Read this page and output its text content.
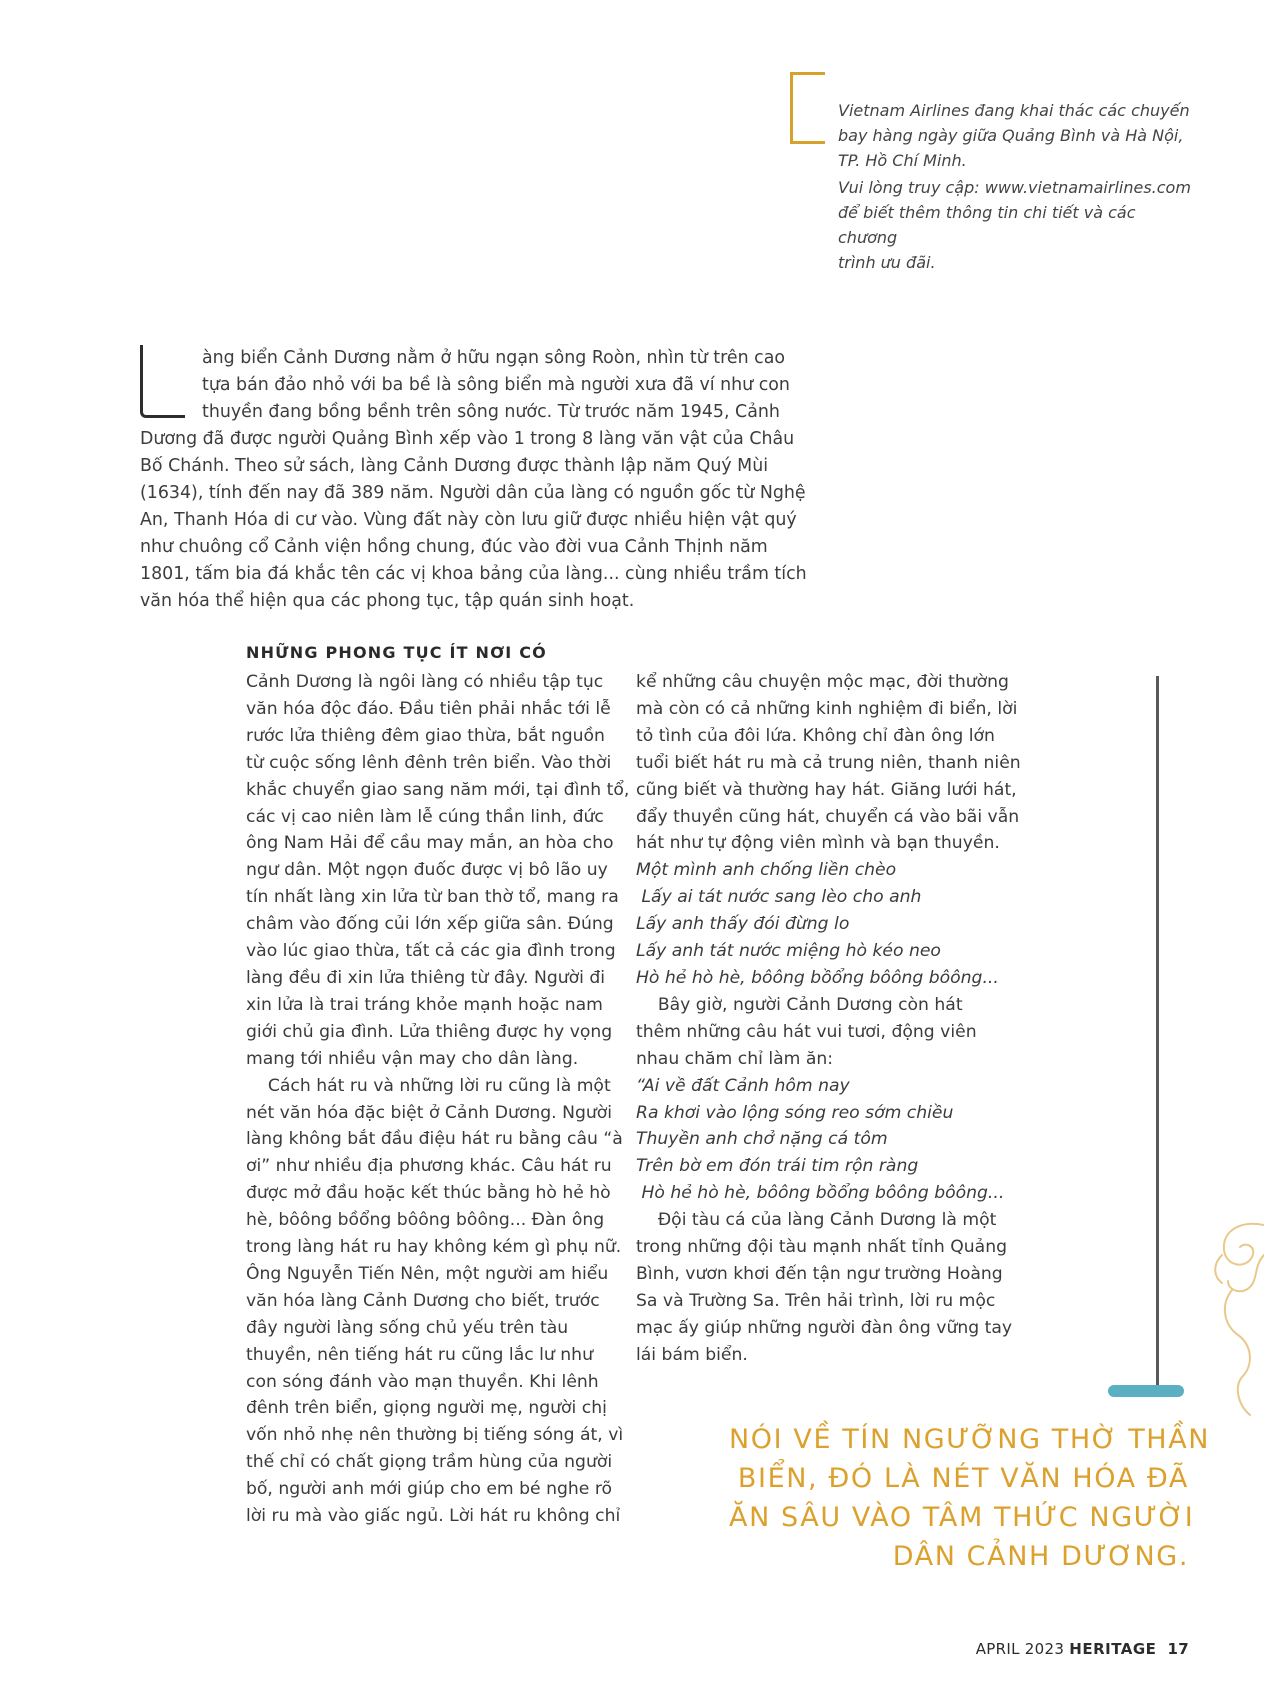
Vietnam Airlines đang khai thác các chuyến
bay hàng ngày giữa Quảng Bình và Hà Nội,
TP. Hồ Chí Minh.

Vui lòng truy cập: www.vietnamairlines.com
để biết thêm thông tin chi tiết và các chương
trình ưu đãi.

àng biển Cảnh Dương nằm ở hữu ngạn sông Roòn, nhìn từ trên cao
tựa bán đảo nhỏ với ba bề là sông biển mà người xưa đã ví như con
thuyền đang bồng bềnh trên sông nước. Từ trước năm 1945, Cảnh
Dương đã được người Quảng Bình xếp vào 1 trong 8 làng văn vật của Châu
Bố Chánh. Theo sử sách, làng Cảnh Dương được thành lập năm Quý Mùi
(1634), tính đến nay đã 389 năm. Người dân của làng có nguồn gốc từ Nghệ
An, Thanh Hóa di cư vào. Vùng đất này còn lưu giữ được nhiều hiện vật quý
như chuông cổ Cảnh viện hồng chung, đúc vào đời vua Cảnh Thịnh năm
1801, tấm bia đá khắc tên các vị khoa bảng của làng... cùng nhiều trầm tích
văn hóa thể hiện qua các phong tục, tập quán sinh hoạt.
NHỮNG PHONG TỤC ÍT NƠI CÓ
Cảnh Dương là ngôi làng có nhiều tập tục
văn hóa độc đáo. Đầu tiên phải nhắc tới lễ
rước lửa thiêng đêm giao thừa, bắt nguồn
từ cuộc sống lênh đênh trên biển. Vào thời
khắc chuyển giao sang năm mới, tại đình tổ,
các vị cao niên làm lễ cúng thần linh, đức
ông Nam Hải để cầu may mắn, an hòa cho
ngư dân. Một ngọn đuốc được vị bô lão uy
tín nhất làng xin lửa từ ban thờ tổ, mang ra
châm vào đống củi lớn xếp giữa sân. Đúng
vào lúc giao thừa, tất cả các gia đình trong
làng đều đi xin lửa thiêng từ đây. Người đi
xin lửa là trai tráng khỏe mạnh hoặc nam
giới chủ gia đình. Lửa thiêng được hy vọng
mang tới nhiều vận may cho dân làng.
Cách hát ru và những lời ru cũng là một
nét văn hóa đặc biệt ở Cảnh Dương. Người
làng không bắt đầu điệu hát ru bằng câu “à
ơi” như nhiều địa phương khác. Câu hát ru
được mở đầu hoặc kết thúc bằng hò hẻ hò
hè, bôông bồổng bôông bôông... Đàn ông
trong làng hát ru hay không kém gì phụ nữ.
Ông Nguyễn Tiến Nên, một người am hiểu
văn hóa làng Cảnh Dương cho biết, trước
đây người làng sống chủ yếu trên tàu
thuyền, nên tiếng hát ru cũng lắc lư như
con sóng đánh vào mạn thuyền. Khi lênh
đênh trên biển, giọng người mẹ, người chị
vốn nhỏ nhẹ nên thường bị tiếng sóng át, vì
thế chỉ có chất giọng trầm hùng của người
bố, người anh mới giúp cho em bé nghe rõ
lời ru mà vào giấc ngủ. Lời hát ru không chỉ
kể những câu chuyện mộc mạc, đời thường
mà còn có cả những kinh nghiệm đi biển, lời
tỏ tình của đôi lứa. Không chỉ đàn ông lớn
tuổi biết hát ru mà cả trung niên, thanh niên
cũng biết và thường hay hát. Giăng lưới hát,
đẩy thuyền cũng hát, chuyển cá vào bãi vẫn
hát như tự động viên mình và bạn thuyền.
Một mình anh chống liền chèo
Lấy ai tát nước sang lèo cho anh
Lấy anh thấy đói đừng lo
Lấy anh tát nước miệng hò kéo neo
Hò hẻ hò hè, bôông bồổng bôông bôông...
Bây giờ, người Cảnh Dương còn hát
thêm những câu hát vui tươi, động viên
nhau chăm chỉ làm ăn:
“Ai về đất Cảnh hôm nay
Ra khơi vào lộng sóng reo sớm chiều
Thuyền anh chở nặng cá tôm
Trên bờ em đón trái tim rộn ràng
Hò hẻ hò hè, bôông bồổng bôông bôông...
Đội tàu cá của làng Cảnh Dương là một
trong những đội tàu mạnh nhất tỉnh Quảng
Bình, vươn khơi đến tận ngư trường Hoàng
Sa và Trường Sa. Trên hải trình, lời ru mộc
mạc ấy giúp những người đàn ông vững tay
lái bám biển.
NÓI VỀ TÍN NGƯỠNG THỜ THẦN
BIỂN, ĐÓ LÀ NÉT VĂN HÓA ĐÃ
ĂN SÂU VÀO TÂM THỨC NGƯỜI
DÂN CẢNH DƯƠNG.
APRIL 2023 HERITAGE 17
